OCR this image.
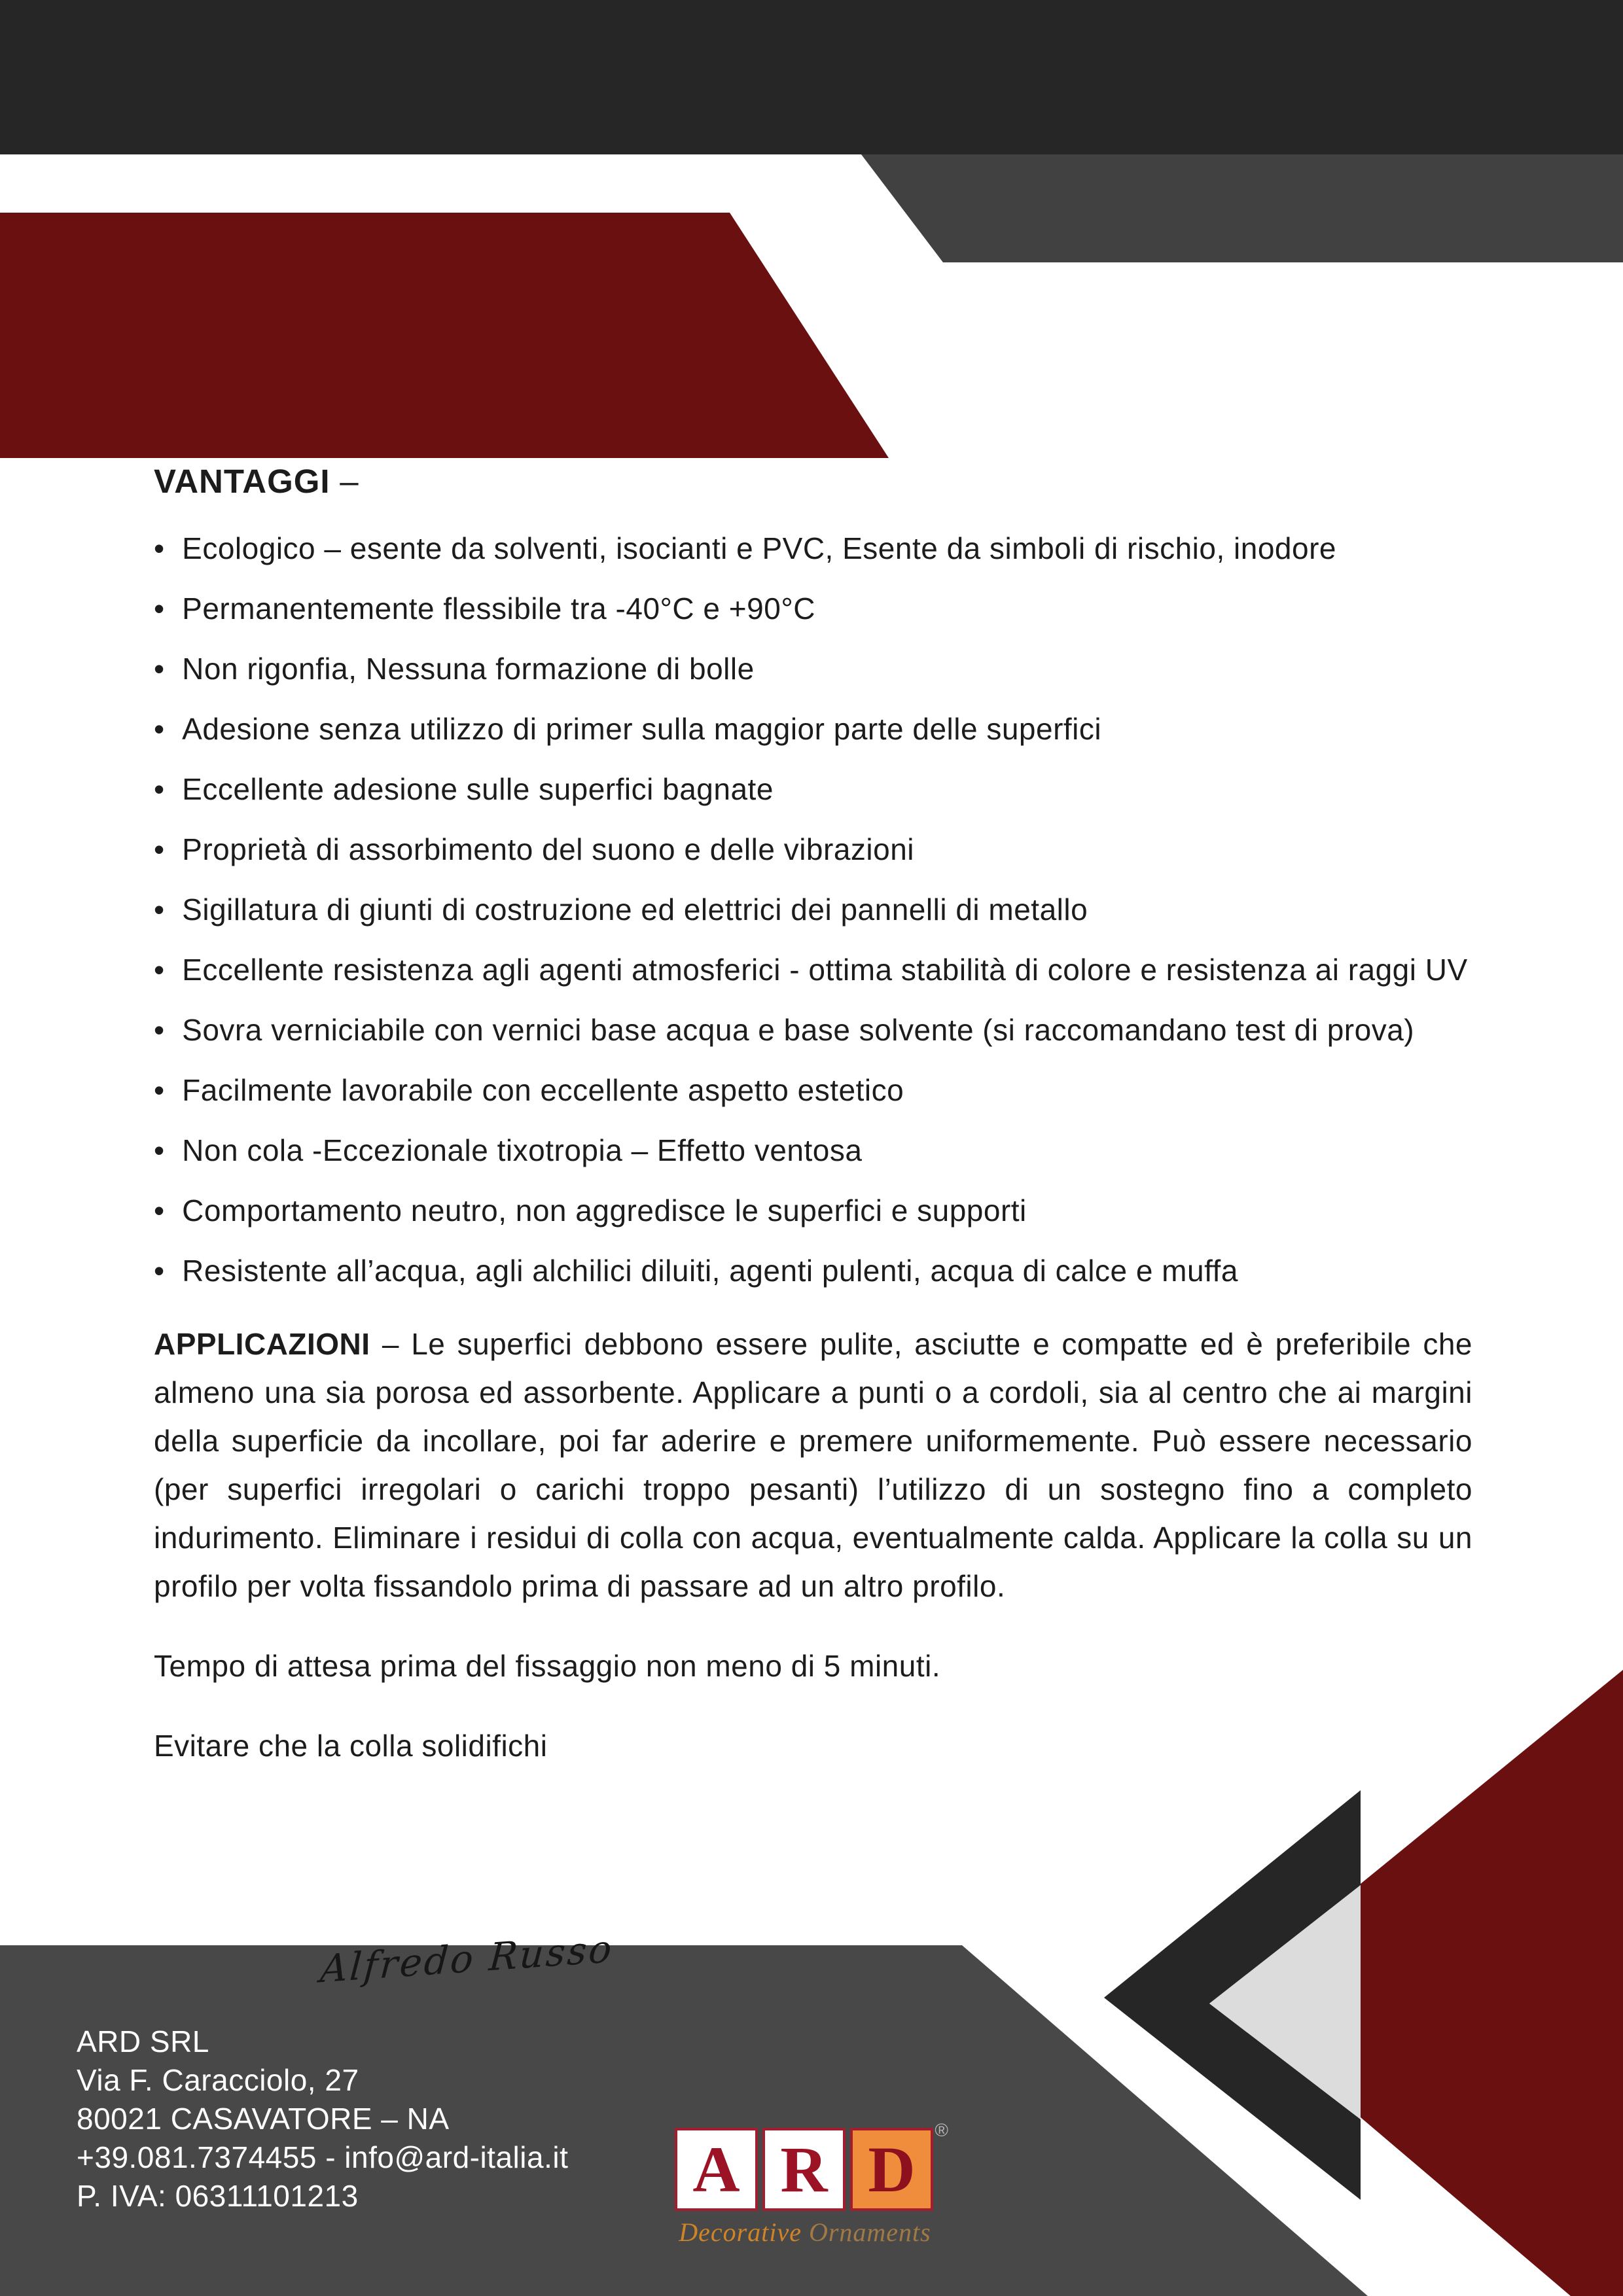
VANTAGGI –
•  Ecologico – esente da solventi, isocianti e PVC, Esente da simboli di rischio, inodore
•  Permanentemente flessibile tra -40°C e +90°C
•  Non rigonfia, Nessuna formazione di bolle
•  Adesione senza utilizzo di primer sulla maggior parte delle superfici
•  Eccellente adesione sulle superfici bagnate
•  Proprietà di assorbimento del suono e delle vibrazioni
•  Sigillatura di giunti di costruzione ed elettrici dei pannelli di metallo
•  Eccellente resistenza agli agenti atmosferici - ottima stabilità di colore e resistenza ai raggi UV
•  Sovra verniciabile con vernici base acqua e base solvente (si raccomandano test di prova)
•  Facilmente lavorabile con eccellente aspetto estetico
•  Non cola -Eccezionale tixotropia – Effetto ventosa
•  Comportamento neutro, non aggredisce le superfici e supporti
•  Resistente all’acqua, agli alchilici diluiti, agenti pulenti, acqua di calce e muffa

APPLICAZIONI – Le superfici debbono essere pulite, asciutte e compatte ed è preferibile che almeno una sia porosa ed assorbente. Applicare a punti o a cordoli, sia al centro che ai margini della superficie da incollare, poi far aderire e premere uniformemente. Può essere necessario (per superfici irregolari o carichi troppo pesanti) l’utilizzo di un sostegno fino a completo indurimento. Eliminare i residui di colla con acqua, eventualmente calda. Applicare la colla su un profilo per volta fissandolo prima di passare ad un altro profilo.

Tempo di attesa prima del fissaggio non meno di 5 minuti.

Evitare che la colla solidifichi

Alfredo Russo
ARD SRL
Via F. Caracciolo, 27
80021 CASAVATORE – NA
+39.081.7374455 - info@ard-italia.it
P. IVA: 06311101213	A R D
®
Decorative Ornaments
